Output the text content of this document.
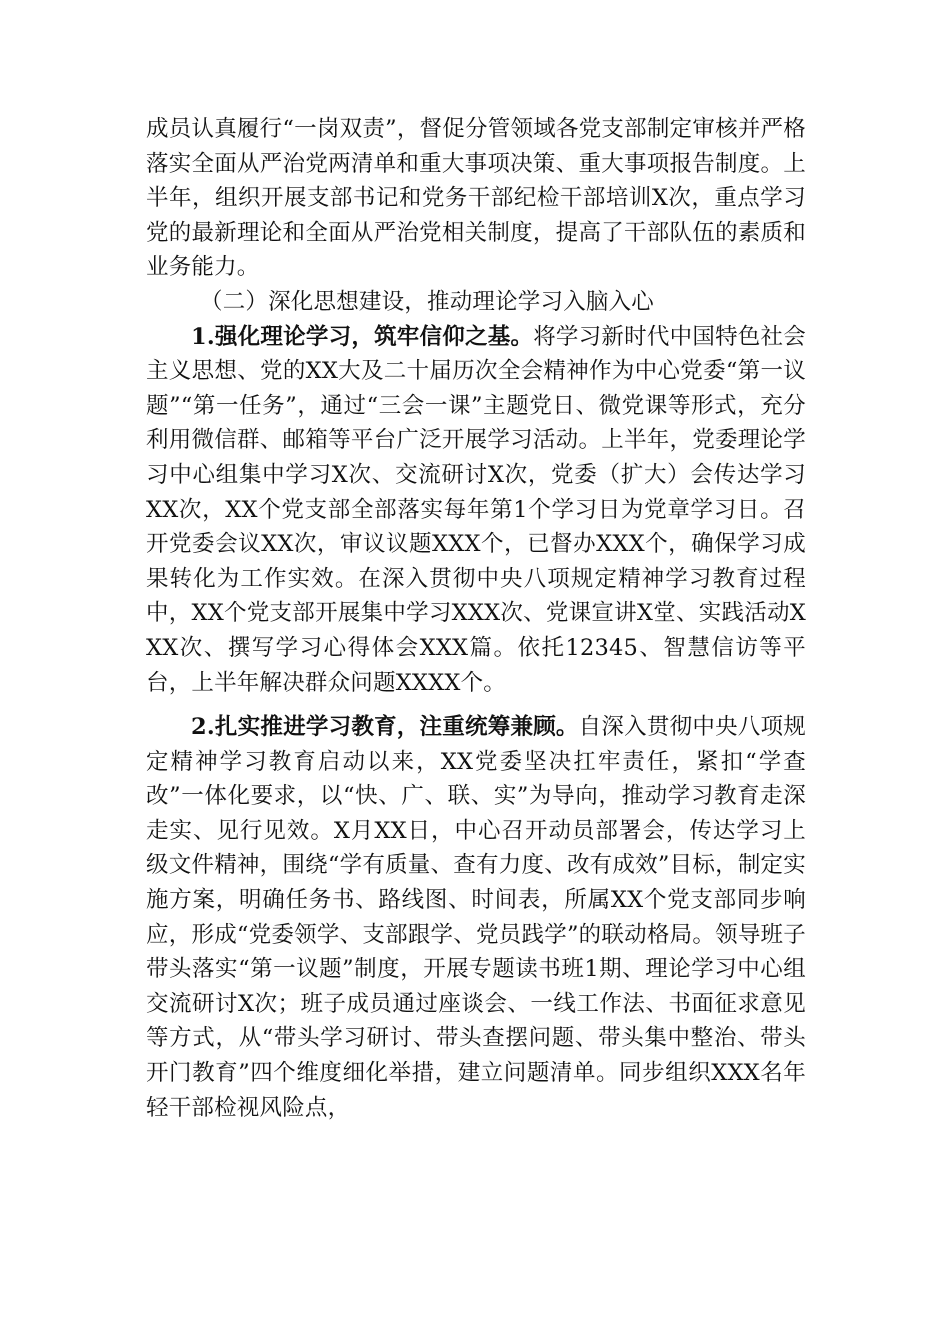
成员认真履行“一岗双责”，督促分管领域各党支部制定审核并严格落实全面从严治党两清单和重大事项决策、重大事项报告制度。上半年，组织开展支部书记和党务干部纪检干部培训X次，重点学习党的最新理论和全面从严治党相关制度，提高了干部队伍的素质和业务能力。

（二）深化思想建设，推动理论学习入脑入心

1.强化理论学习，筑牢信仰之基。将学习新时代中国特色社会主义思想、党的XX大及二十届历次全会精神作为中心党委“第一议题”“第一任务”，通过“三会一课”主题党日、微党课等形式，充分利用微信群、邮箱等平台广泛开展学习活动。上半年，党委理论学习中心组集中学习X次、交流研讨X次，党委（扩大）会传达学习XX次，XX个党支部全部落实每年第1个学习日为党章学习日。召开党委会议XX次，审议议题XXX个，已督办XXX个，确保学习成果转化为工作实效。在深入贯彻中央八项规定精神学习教育过程中，XX个党支部开展集中学习XXX次、党课宣讲X堂、实践活动XXX次、撰写学习心得体会XXX篇。依托12345、智慧信访等平台，上半年解决群众问题XXXX个。

2.扎实推进学习教育，注重统筹兼顾。自深入贯彻中央八项规定精神学习教育启动以来，XX党委坚决扛牢责任，紧扣“学查改”一体化要求，以“快、广、联、实”为导向，推动学习教育走深走实、见行见效。X月XX日，中心召开动员部署会，传达学习上级文件精神，围绕“学有质量、查有力度、改有成效”目标，制定实施方案，明确任务书、路线图、时间表，所属XX个党支部同步响应，形成“党委领学、支部跟学、党员践学”的联动格局。领导班子带头落实“第一议题”制度，开展专题读书班1期、理论学习中心组交流研讨X次；班子成员通过座谈会、一线工作法、书面征求意见等方式，从“带头学习研讨、带头查摆问题、带头集中整治、带头开门教育”四个维度细化举措，建立问题清单。同步组织XXX名年轻干部检视风险点，
